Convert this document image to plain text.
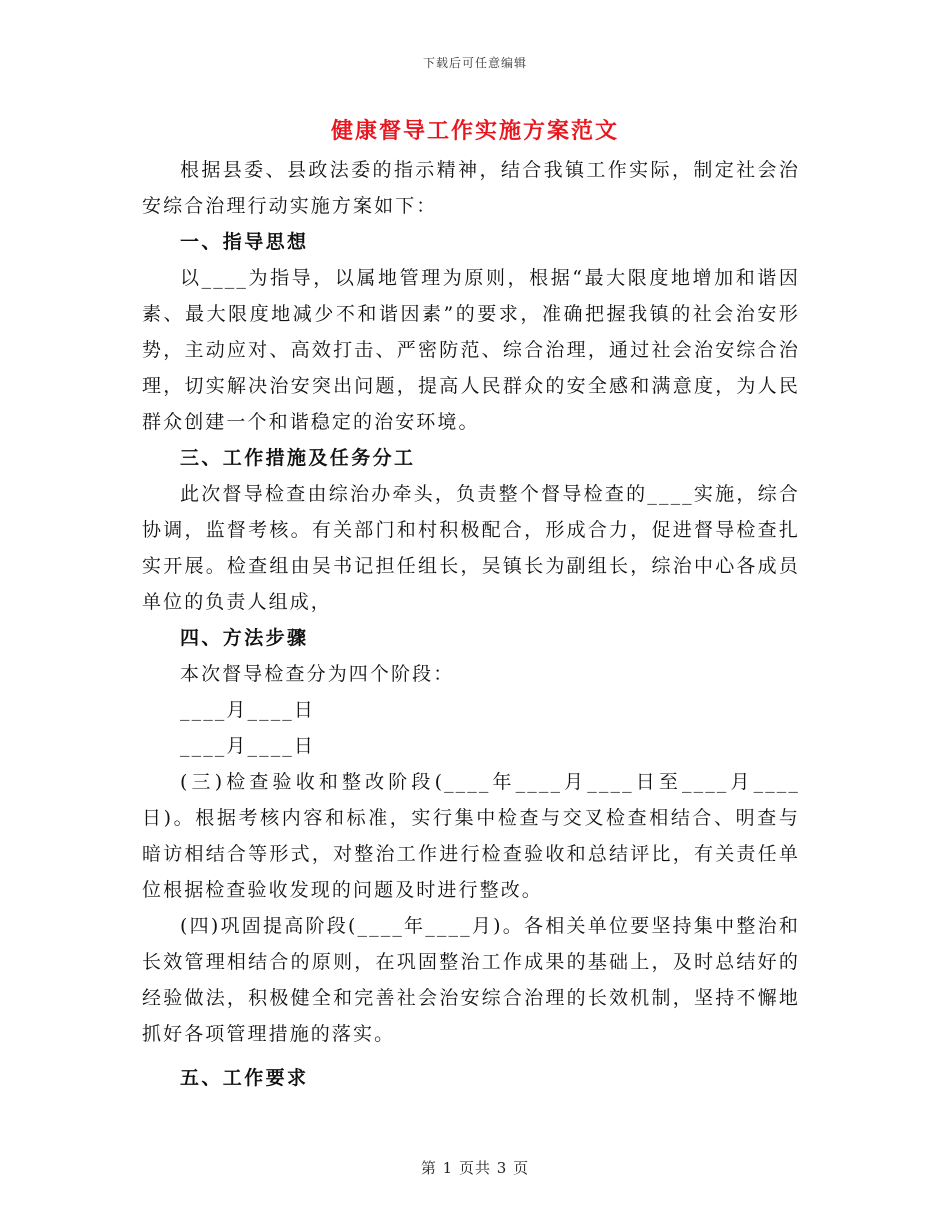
下载后可任意编辑
健康督导工作实施方案范文

根据县委、县政法委的指示精神，结合我镇工作实际，制定社会治安综合治理行动实施方案如下：

一、指导思想

以____为指导，以属地管理为原则，根据“最大限度地增加和谐因素、最大限度地减少不和谐因素”的要求，准确把握我镇的社会治安形势，主动应对、高效打击、严密防范、综合治理，通过社会治安综合治理，切实解决治安突出问题，提高人民群众的安全感和满意度，为人民群众创建一个和谐稳定的治安环境。

三、工作措施及任务分工

此次督导检查由综治办牵头，负责整个督导检查的____实施，综合协调，监督考核。有关部门和村积极配合，形成合力，促进督导检查扎实开展。检查组由吴书记担任组长，吴镇长为副组长，综治中心各成员单位的负责人组成，

四、方法步骤

本次督导检查分为四个阶段：

____月____日

____月____日

(三)检查验收和整改阶段(____年____月____日至____月____日)。根据考核内容和标准，实行集中检查与交叉检查相结合、明查与暗访相结合等形式，对整治工作进行检查验收和总结评比，有关责任单位根据检查验收发现的问题及时进行整改。

(四)巩固提高阶段(____年____月)。各相关单位要坚持集中整治和长效管理相结合的原则，在巩固整治工作成果的基础上，及时总结好的经验做法，积极健全和完善社会治安综合治理的长效机制，坚持不懈地抓好各项管理措施的落实。

五、工作要求

第 1 页共 3 页
